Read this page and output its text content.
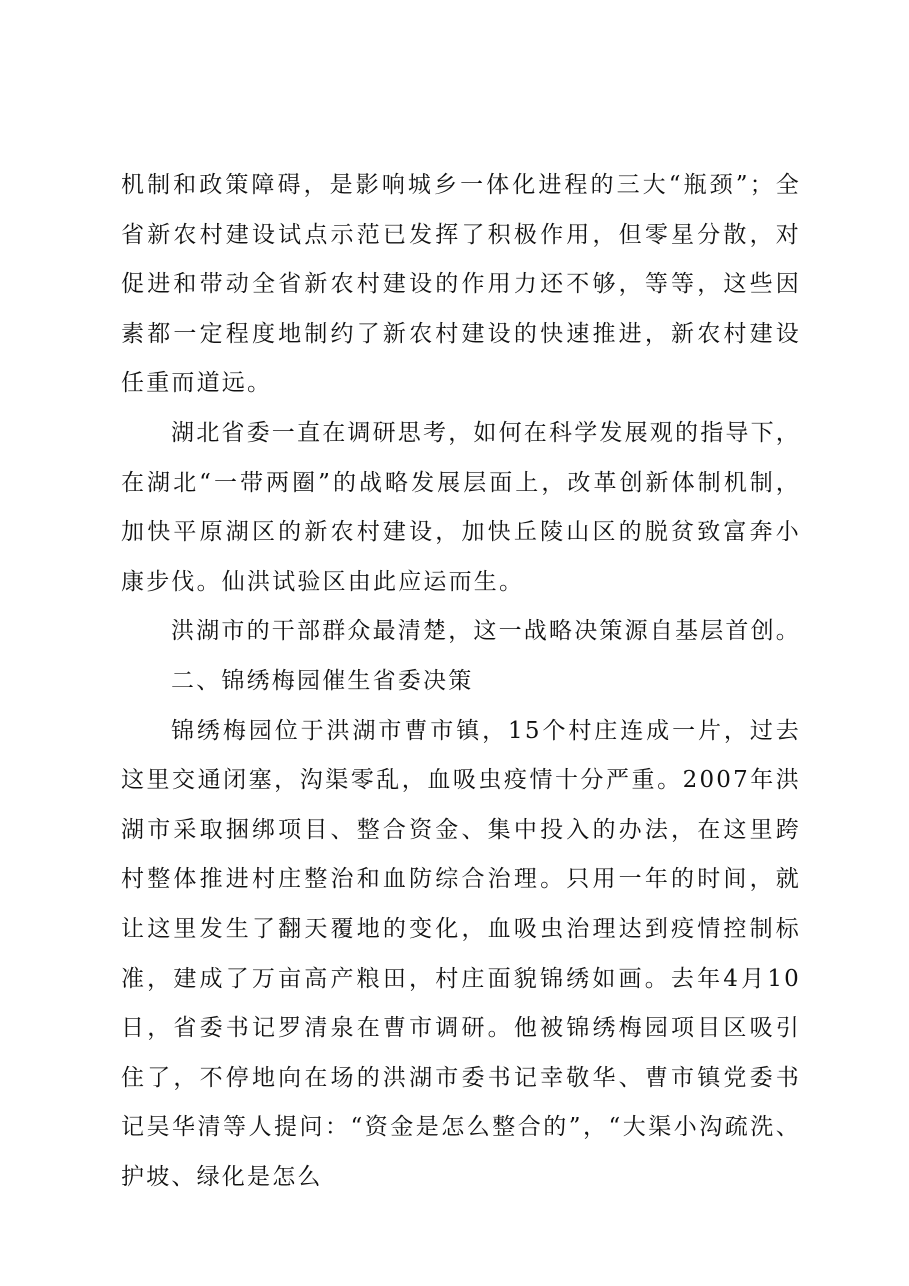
机制和政策障碍，是影响城乡一体化进程的三大“瓶颈”；全省新农村建设试点示范已发挥了积极作用，但零星分散，对促进和带动全省新农村建设的作用力还不够，等等，这些因素都一定程度地制约了新农村建设的快速推进，新农村建设任重而道远。

湖北省委一直在调研思考，如何在科学发展观的指导下，在湖北“一带两圈”的战略发展层面上，改革创新体制机制，加快平原湖区的新农村建设，加快丘陵山区的脱贫致富奔小康步伐。仙洪试验区由此应运而生。

洪湖市的干部群众最清楚，这一战略决策源自基层首创。

二、锦绣梅园催生省委决策

锦绣梅园位于洪湖市曹市镇，15个村庄连成一片，过去这里交通闭塞，沟渠零乱，血吸虫疫情十分严重。2007年洪湖市采取捆绑项目、整合资金、集中投入的办法，在这里跨村整体推进村庄整治和血防综合治理。只用一年的时间，就让这里发生了翻天覆地的变化，血吸虫治理达到疫情控制标准，建成了万亩高产粮田，村庄面貌锦绣如画。去年4月10日，省委书记罗清泉在曹市调研。他被锦绣梅园项目区吸引住了，不停地向在场的洪湖市委书记幸敬华、曹市镇党委书记吴华清等人提问：“资金是怎么整合的”，“大渠小沟疏洗、护坡、绿化是怎么
